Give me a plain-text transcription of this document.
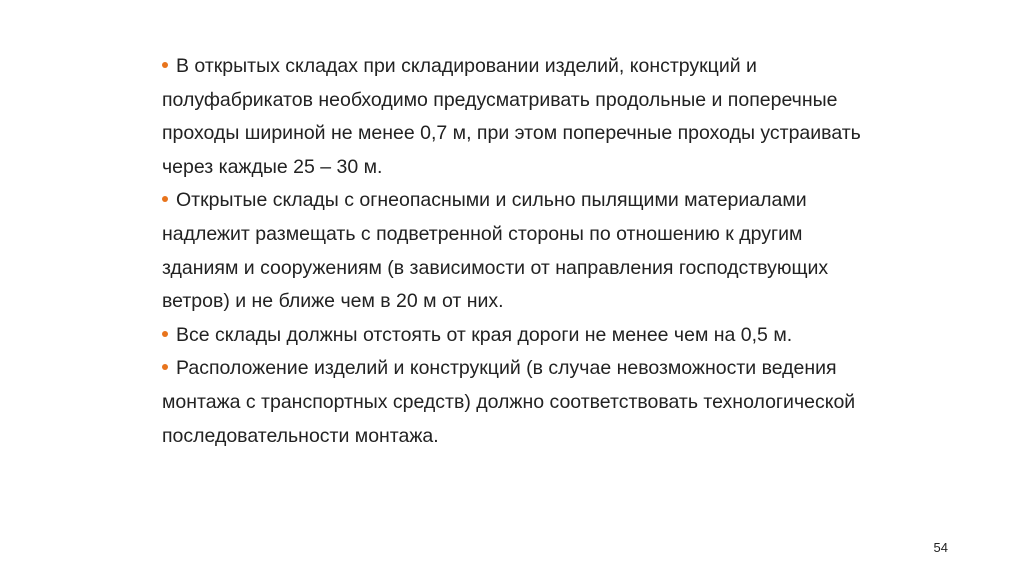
В открытых складах при складировании изделий, конструкций и полуфабрикатов необходимо предусматривать продольные и поперечные проходы шириной не менее 0,7 м, при этом поперечные проходы устраивать через каждые 25 – 30 м.
Открытые склады с огнеопасными и сильно пылящими материалами надлежит размещать с подветренной стороны по отношению к другим зданиям и сооружениям (в зависимости от направления господствующих ветров) и не ближе чем в 20 м от них.
Все склады должны отстоять от края дороги не менее чем на 0,5 м.
Расположение изделий и конструкций (в случае невозможности ведения монтажа с транспортных средств) должно соответствовать технологической последовательности монтажа.
54
